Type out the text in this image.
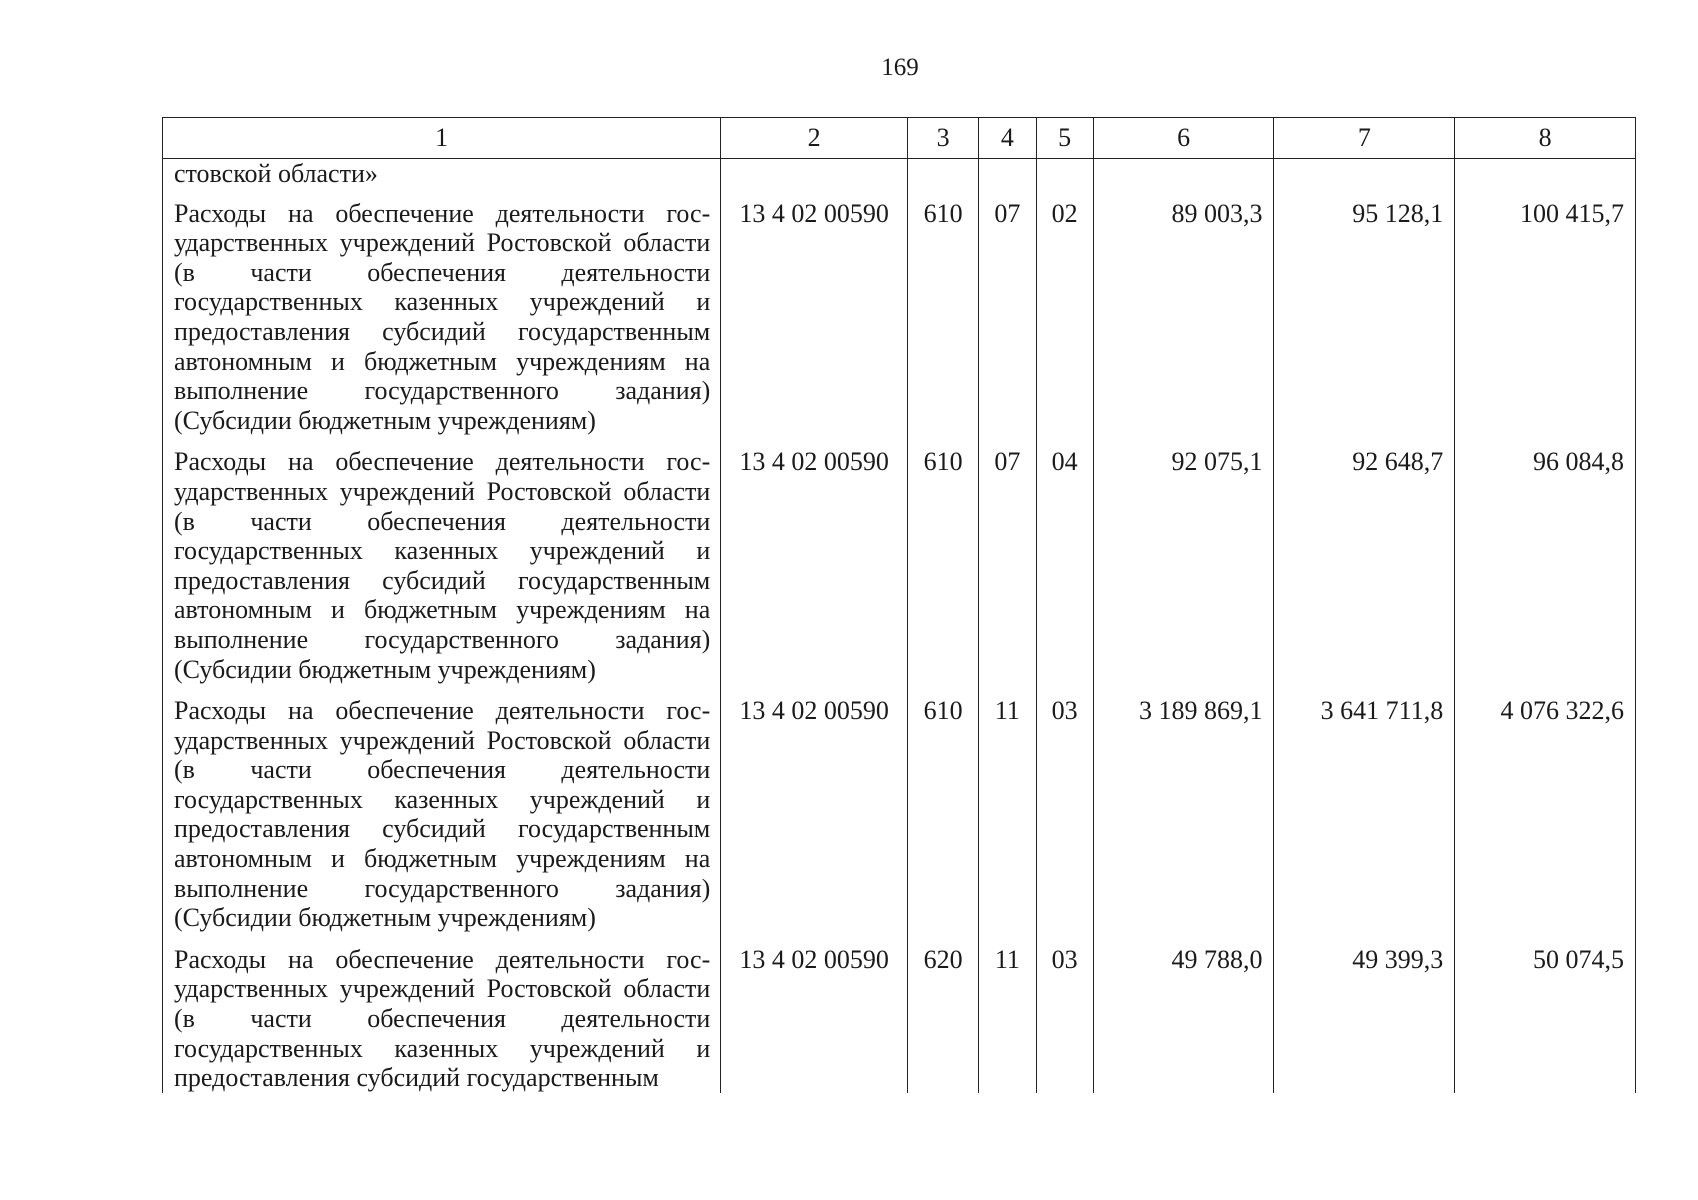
169
1	2	3	4	5	6	7	8
стовской области»							
Расходы на обеспечение деятельности государственных учреждений Ростовской области (в части обеспечения деятельности государственных казенных учреждений и предоставления субсидий государственным автономным и бюджетным учреждениям на выполнение государственного задания) (Субсидии бюджетным учреждениям)	13 4 02 00590	610	07	02	89 003,3	95 128,1	100 415,7
Расходы на обеспечение деятельности государственных учреждений Ростовской области (в части обеспечения деятельности государственных казенных учреждений и предоставления субсидий государственным автономным и бюджетным учреждениям на выполнение государственного задания) (Субсидии бюджетным учреждениям)	13 4 02 00590	610	07	04	92 075,1	92 648,7	96 084,8
Расходы на обеспечение деятельности государственных учреждений Ростовской области (в части обеспечения деятельности государственных казенных учреждений и предоставления субсидий государственным автономным и бюджетным учреждениям на выполнение государственного задания) (Субсидии бюджетным учреждениям)	13 4 02 00590	610	11	03	3 189 869,1	3 641 711,8	4 076 322,6
Расходы на обеспечение деятельности государственных учреждений Ростовской области (в части обеспечения деятельности государственных казенных учреждений и предоставления субсидий государственным	13 4 02 00590	620	11	03	49 788,0	49 399,3	50 074,5
